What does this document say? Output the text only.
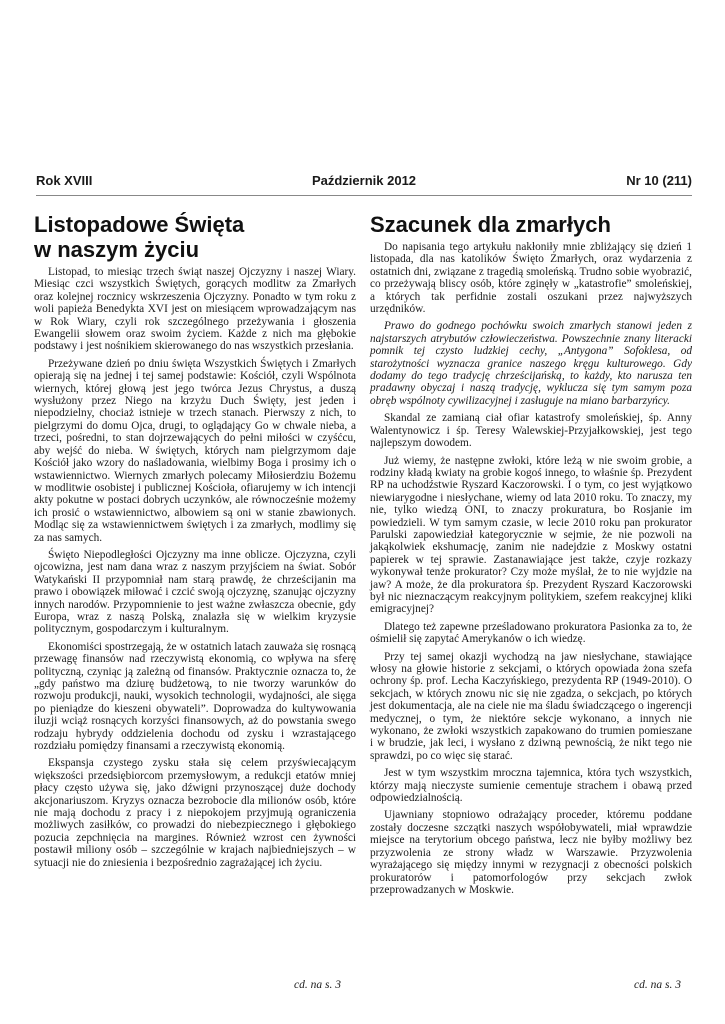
Rok XVIII	Październik 2012	Nr 10 (211)
Listopadowe Święta
w naszym życiu

Listopad, to miesiąc trzech świąt naszej Ojczyzny i naszej Wiary. Miesiąc czci wszystkich Świętych, gorących modlitw za Zmarłych oraz kolejnej rocznicy wskrzeszenia Ojczyzny. Ponadto w tym roku z woli papieża Benedykta XVI jest on miesiącem wprowadzającym nas w Rok Wiary, czyli rok szczególnego przeżywania i głoszenia Ewangelii słowem oraz swoim życiem. Każde z nich ma głębokie podstawy i jest nośnikiem skierowanego do nas wszystkich przesłania.

Przeżywane dzień po dniu święta Wszystkich Świętych i Zmarłych opierają się na jednej i tej samej podstawie: Kościół, czyli Wspólnota wiernych, której głową jest jego twórca Jezus Chrystus, a duszą wysłużony przez Niego na krzyżu Duch Święty, jest jeden i niepodzielny, chociaż istnieje w trzech stanach. Pierwszy z nich, to pielgrzymi do domu Ojca, drugi, to oglądający Go w chwale nieba, a trzeci, pośredni, to stan dojrzewających do pełni miłości w czyśćcu, aby wejść do nieba. W świętych, których nam pielgrzymom daje Kościół jako wzory do naśladowania, wielbimy Boga i prosimy ich o wstawiennictwo. Wiernych zmarłych polecamy Miłosierdziu Bożemu w modlitwie osobistej i publicznej Kościoła, ofiarujemy w ich intencji akty pokutne w postaci dobrych uczynków, ale równocześnie możemy ich prosić o wstawiennictwo, albowiem są oni w stanie zbawionych. Modląc się za wstawiennictwem świętych i za zmarłych, modlimy się za nas samych.

Święto Niepodległości Ojczyzny ma inne oblicze. Ojczyzna, czyli ojcowizna, jest nam dana wraz z naszym przyjściem na świat. Sobór Watykański II przypomniał nam starą prawdę, że chrześcijanin ma prawo i obowiązek miłować i czcić swoją ojczyznę, szanując ojczyzny innych narodów. Przypomnienie to jest ważne zwłaszcza obecnie, gdy Europa, wraz z naszą Polską, znalazła się w wielkim kryzysie politycznym, gospodarczym i kulturalnym.

Ekonomiści spostrzegają, że w ostatnich latach zauważa się rosnącą przewagę finansów nad rzeczywistą ekonomią, co wpływa na sferę polityczną, czyniąc ją zależną od finansów. Praktycznie oznacza to, że „gdy państwo ma dziurę budżetową, to nie tworzy warunków do rozwoju produkcji, nauki, wysokich technologii, wydajności, ale sięga po pieniądze do kieszeni obywateli”. Doprowadza do kultywowania iluzji wciąż rosnących korzyści finansowych, aż do powstania swego rodzaju hybrydy oddzielenia dochodu od zysku i wzrastającego rozdziału pomiędzy finansami a rzeczywistą ekonomią.

Ekspansja czystego zysku stała się celem przyświecającym większości przedsiębiorcom przemysłowym, a redukcji etatów mniej płacy często używa się, jako dźwigni przynoszącej duże dochody akcjonariuszom. Kryzys oznacza bezrobocie dla milionów osób, które nie mają dochodu z pracy i z niepokojem przyjmują ograniczenia możliwych zasiłków, co prowadzi do niebezpiecznego i głębokiego pozucia zepchnięcia na margines. Również wzrost cen żywności postawił miliony osób – szczególnie w krajach najbiedniejszych – w sytuacji nie do zniesienia i bezpośrednio zagrażającej ich życiu.

cd. na s. 3
Szacunek dla zmarłych

Do napisania tego artykułu nakłoniły mnie zbliżający się dzień 1 listopada, dla nas katolików Święto Zmarłych, oraz wydarzenia z ostatnich dni, związane z tragedią smoleńską. Trudno sobie wyobrazić, co przeżywają bliscy osób, które zginęły w „katastrofie” smoleńskiej, a których tak perfidnie zostali oszukani przez najwyższych urzędników.

Prawo do godnego pochówku swoich zmarłych stanowi jeden z najstarszych atrybutów człowieczeństwa. Powszechnie znany literacki pomnik tej czysto ludzkiej cechy, „Antygona” Sofoklesa, od starożytności wyznacza granice naszego kręgu kulturowego. Gdy dodamy do tego tradycję chrześcijańską, to każdy, kto narusza ten pradawny obyczaj i naszą tradycję, wyklucza się tym samym poza obręb wspólnoty cywilizacyjnej i zasługuje na miano barbarzyńcy.

Skandal ze zamianą ciał ofiar katastrofy smoleńskiej, śp. Anny Walentynowicz i śp. Teresy Walewskiej-Przyjałkowskiej, jest tego najlepszym dowodem.

Już wiemy, że następne zwłoki, które leżą w nie swoim grobie, a rodziny kładą kwiaty na grobie kogoś innego, to właśnie śp. Prezydent RP na uchodźstwie Ryszard Kaczorowski. I o tym, co jest wyjątkowo niewiarygodne i niesłychane, wiemy od lata 2010 roku. To znaczy, my nie, tylko wiedzą ONI, to znaczy prokuratura, bo Rosjanie im powiedzieli. W tym samym czasie, w lecie 2010 roku pan prokurator Parulski zapowiedział kategorycznie w sejmie, że nie pozwoli na jakąkolwiek ekshumację, zanim nie nadejdzie z Moskwy ostatni papierek w tej sprawie. Zastanawiające jest także, czyje rozkazy wykonywał tenże prokurator? Czy może myślał, że to nie wyjdzie na jaw? A może, że dla prokuratora śp. Prezydent Ryszard Kaczorowski był nic nieznaczącym reakcyjnym politykiem, szefem reakcyjnej kliki emigracyjnej?

Dlatego też zapewne prześladowano prokuratora Pasionka za to, że ośmielił się zapytać Amerykanów o ich wiedzę.

Przy tej samej okazji wychodzą na jaw niesłychane, stawiające włosy na głowie historie z sekcjami, o których opowiada żona szefa ochrony śp. prof. Lecha Kaczyńskiego, prezydenta RP (1949-2010). O sekcjach, w których znowu nic się nie zgadza, o sekcjach, po których jest dokumentacja, ale na ciele nie ma śladu świadczącego o ingerencji medycznej, o tym, że niektóre sekcje wykonano, a innych nie wykonano, że zwłoki wszystkich zapakowano do trumien pomieszane i w brudzie, jak leci, i wysłano z dziwną pewnością, że nikt tego nie sprawdzi, po co więc się starać.

Jest w tym wszystkim mroczna tajemnica, która tych wszystkich, którzy mają nieczyste sumienie cementuje strachem i obawą przed odpowiedzialnością.

Ujawniany stopniowo odrażający proceder, któremu poddane zostały doczesne szczątki naszych współobywateli, miał wprawdzie miejsce na terytorium obcego państwa, lecz nie byłby możliwy bez przyzwolenia ze strony władz w Warszawie. Przyzwolenia wyrażającego się między innymi w rezygnacji z obecności polskich prokuratorów i patomorfologów przy sekcjach zwłok przeprowadzanych w Moskwie.

cd. na s. 3
